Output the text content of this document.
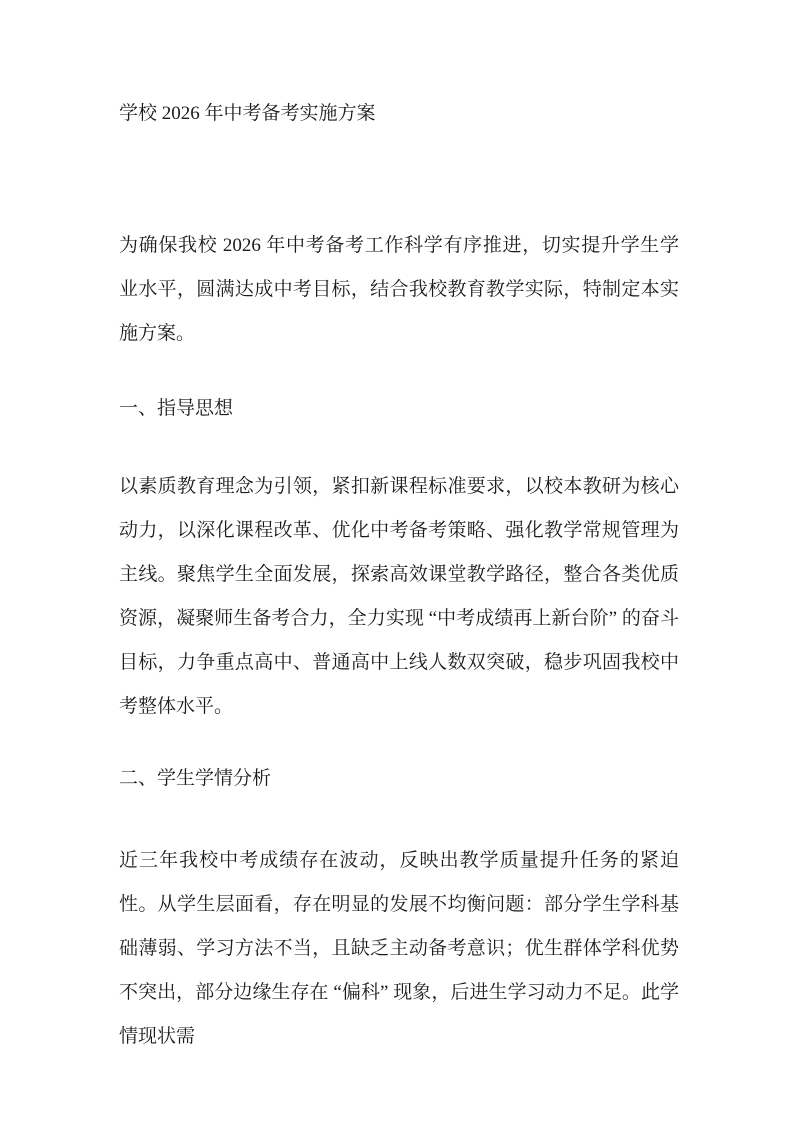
学校 2026 年中考备考实施方案

为确保我校 2026 年中考备考工作科学有序推进，切实提升学生学业水平，圆满达成中考目标，结合我校教育教学实际，特制定本实施方案。

一、指导思想

以素质教育理念为引领，紧扣新课程标准要求，以校本教研为核心动力，以深化课程改革、优化中考备考策略、强化教学常规管理为主线。聚焦学生全面发展，探索高效课堂教学路径，整合各类优质资源，凝聚师生备考合力，全力实现 “中考成绩再上新台阶” 的奋斗目标，力争重点高中、普通高中上线人数双突破，稳步巩固我校中考整体水平。

二、学生学情分析

近三年我校中考成绩存在波动，反映出教学质量提升任务的紧迫性。从学生层面看，存在明显的发展不均衡问题：部分学生学科基础薄弱、学习方法不当，且缺乏主动备考意识；优生群体学科优势不突出，部分边缘生存在 “偏科” 现象，后进生学习动力不足。此学情现状需
